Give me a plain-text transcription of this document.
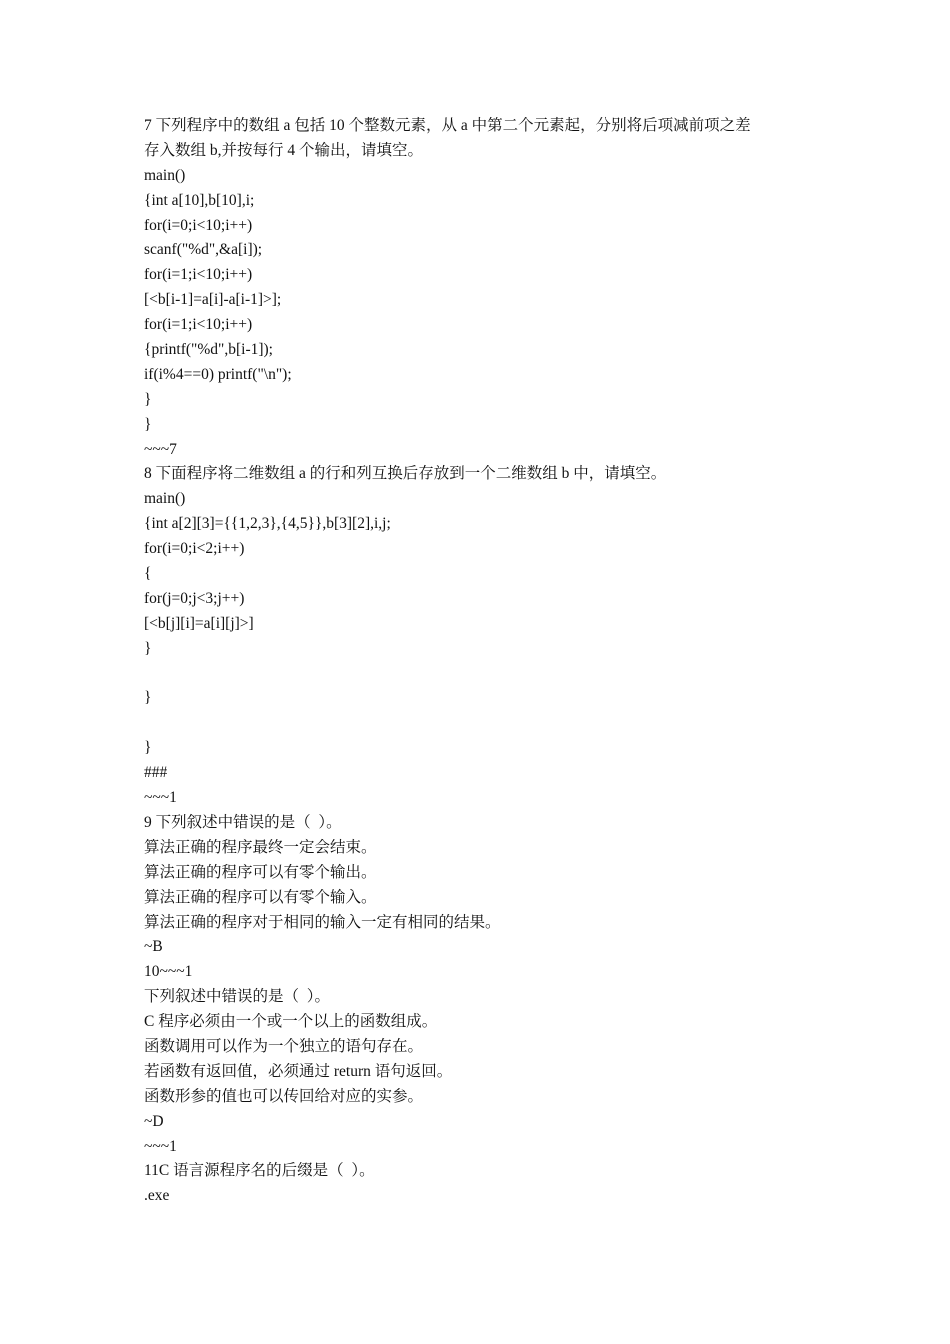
7 下列程序中的数组 a 包括 10 个整数元素，从 a 中第二个元素起，分别将后项减前项之差
存入数组 b,并按每行 4 个输出，请填空。
main()
{int a[10],b[10],i;
for(i=0;i<10;i++)
scanf("%d",&a[i]);
for(i=1;i<10;i++)
[<b[i-1]=a[i]-a[i-1]>];
for(i=1;i<10;i++)
{printf("%d",b[i-1]);
if(i%4==0) printf("\n");
}
}
~~~7
8 下面程序将二维数组 a 的行和列互换后存放到一个二维数组 b 中，请填空。
main()
{int a[2][3]={{1,2,3},{4,5}},b[3][2],i,j;
for(i=0;i<2;i++)
{
for(j=0;j<3;j++)
[<b[j][i]=a[i][j]>]
}
}
}
###
~~~1
9 下列叙述中错误的是（  ）。
算法正确的程序最终一定会结束。
算法正确的程序可以有零个输出。
算法正确的程序可以有零个输入。
算法正确的程序对于相同的输入一定有相同的结果。
~B
10~~~1
下列叙述中错误的是（  ）。
C 程序必须由一个或一个以上的函数组成。
函数调用可以作为一个独立的语句存在。
若函数有返回值，必须通过 return 语句返回。
函数形参的值也可以传回给对应的实参。
~D
~~~1
11C 语言源程序名的后缀是（  ）。
.exe
